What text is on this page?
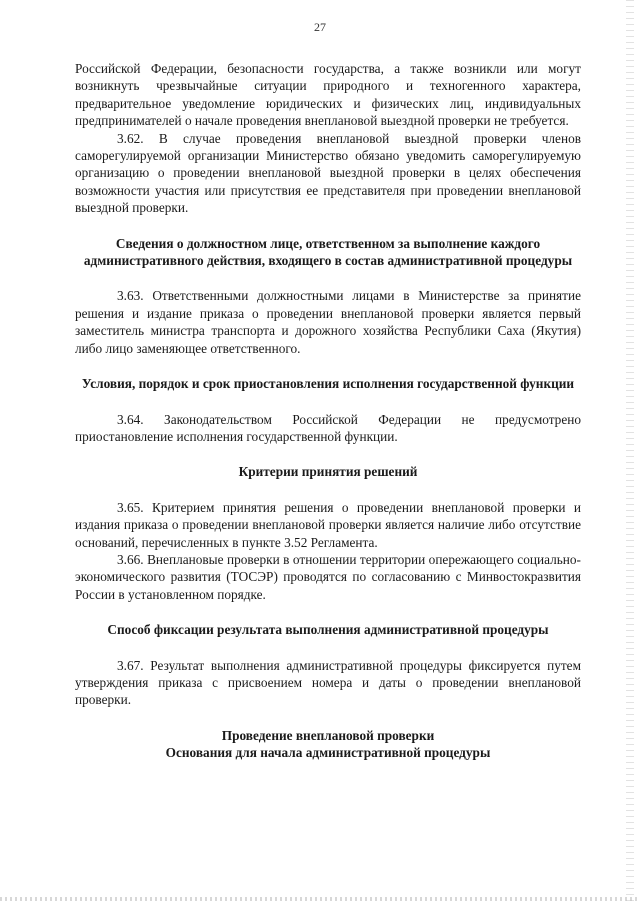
27

Российской Федерации, безопасности государства, а также возникли или могут возникнуть чрезвычайные ситуации природного и техногенного характера, предварительное уведомление юридических и физических лиц, индивидуальных предпринимателей о начале проведения внеплановой выездной проверки не требуется.

3.62. В случае проведения внеплановой выездной проверки членов саморегулируемой организации Министерство обязано уведомить саморегулируемую организацию о проведении внеплановой выездной проверки в целях обеспечения возможности участия или присутствия ее представителя при проведении внеплановой выездной проверки.

Сведения о должностном лице, ответственном за выполнение каждого административного действия, входящего в состав административной процедуры

3.63. Ответственными должностными лицами в Министерстве за принятие решения и издание приказа о проведении внеплановой проверки является первый заместитель министра транспорта и дорожного хозяйства Республики Саха (Якутия) либо лицо заменяющее ответственного.

Условия, порядок и срок приостановления исполнения государственной функции

3.64. Законодательством Российской Федерации не предусмотрено приостановление исполнения государственной функции.

Критерии принятия решений

3.65. Критерием принятия решения о проведении внеплановой проверки и издания приказа о проведении внеплановой проверки является наличие либо отсутствие оснований, перечисленных в пункте 3.52 Регламента.

3.66. Внеплановые проверки в отношении территории опережающего социально-экономического развития (ТОСЭР) проводятся по согласованию с Минвостокразвития России в установленном порядке.

Способ фиксации результата выполнения административной процедуры

3.67. Результат выполнения административной процедуры фиксируется путем утверждения приказа с присвоением номера и даты о проведении внеплановой проверки.

Проведение внеплановой проверки
Основания для начала административной процедуры
